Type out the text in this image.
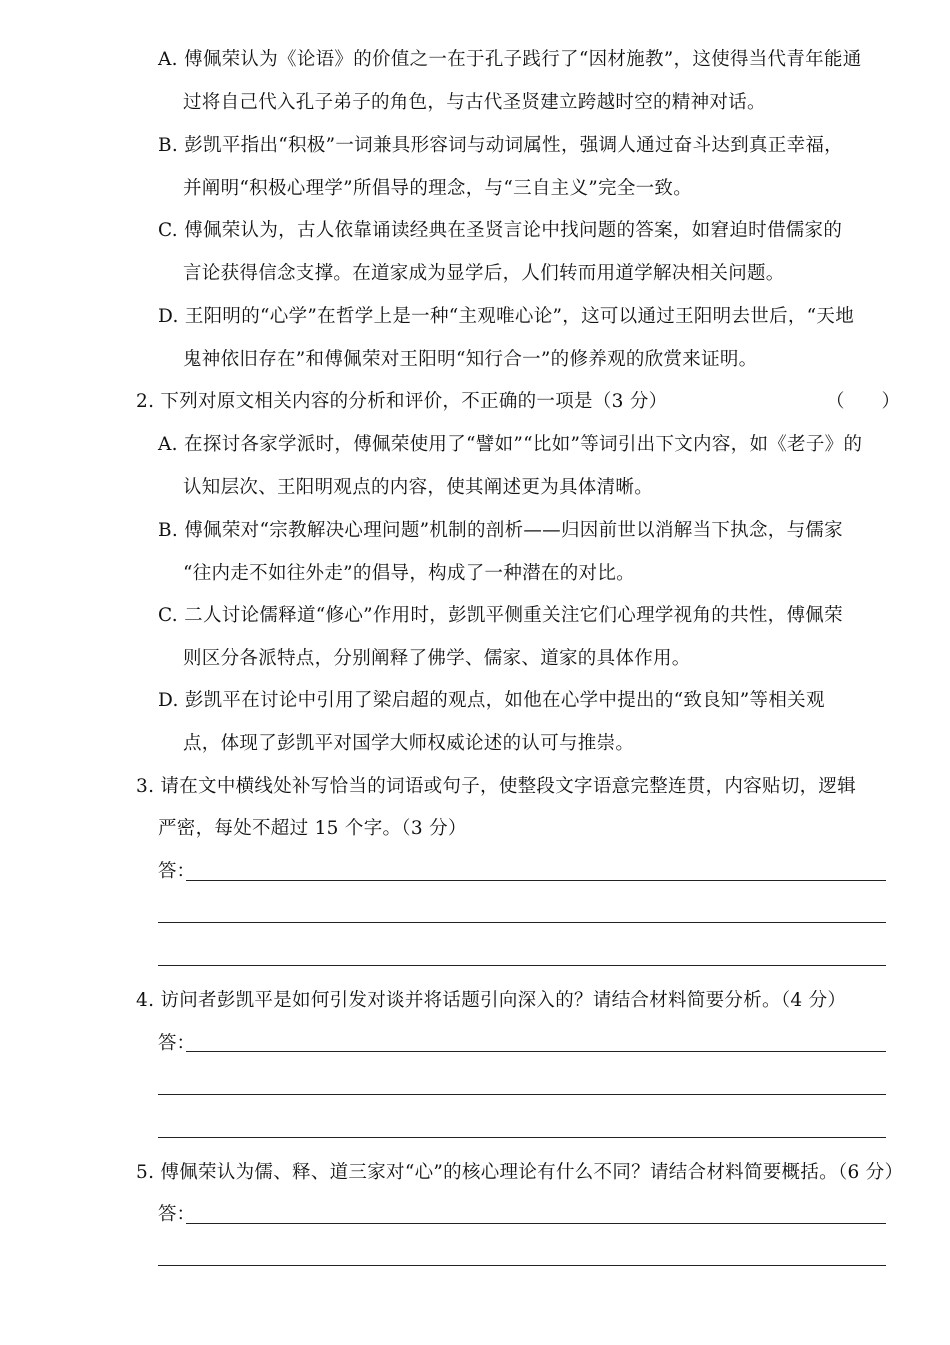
A. 傅佩荣认为《论语》的价值之一在于孔子践行了“因材施教”，这使得当代青年能通
过将自己代入孔子弟子的角色，与古代圣贤建立跨越时空的精神对话。
B. 彭凯平指出“积极”一词兼具形容词与动词属性，强调人通过奋斗达到真正幸福，
并阐明“积极心理学”所倡导的理念，与“三自主义”完全一致。
C. 傅佩荣认为，古人依靠诵读经典在圣贤言论中找问题的答案，如窘迫时借儒家的
言论获得信念支撑。在道家成为显学后，人们转而用道学解决相关问题。
D. 王阳明的“心学”在哲学上是一种“主观唯心论”，这可以通过王阳明去世后，“天地
鬼神依旧存在”和傅佩荣对王阳明“知行合一”的修养观的欣赏来证明。
2. 下列对原文相关内容的分析和评价，不正确的一项是（3 分）	（　　）
A. 在探讨各家学派时，傅佩荣使用了“譬如”“比如”等词引出下文内容，如《老子》的
认知层次、王阳明观点的内容，使其阐述更为具体清晰。
B. 傅佩荣对“宗教解决心理问题”机制的剖析——归因前世以消解当下执念，与儒家
“往内走不如往外走”的倡导，构成了一种潜在的对比。
C. 二人讨论儒释道“修心”作用时，彭凯平侧重关注它们心理学视角的共性，傅佩荣
则区分各派特点，分别阐释了佛学、儒家、道家的具体作用。
D. 彭凯平在讨论中引用了梁启超的观点，如他在心学中提出的“致良知”等相关观
点，体现了彭凯平对国学大师权威论述的认可与推崇。
3. 请在文中横线处补写恰当的词语或句子，使整段文字语意完整连贯，内容贴切，逻辑
严密，每处不超过 15 个字。（3 分）
答：
4. 访问者彭凯平是如何引发对谈并将话题引向深入的？请结合材料简要分析。（4 分）
答：
5. 傅佩荣认为儒、释、道三家对“心”的核心理论有什么不同？请结合材料简要概括。（6 分）
答：
